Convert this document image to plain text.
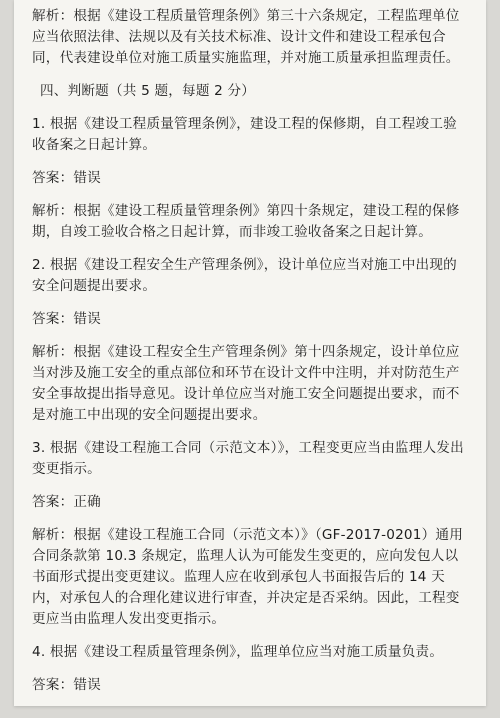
解析：根据《建设工程质量管理条例》第三十六条规定，工程监理单位应当依照法律、法规以及有关技术标准、设计文件和建设工程承包合同，代表建设单位对施工质量实施监理，并对施工质量承担监理责任。

四、判断题（共 5 题，每题 2 分）

1. 根据《建设工程质量管理条例》，建设工程的保修期，自工程竣工验收备案之日起计算。

答案：错误

解析：根据《建设工程质量管理条例》第四十条规定，建设工程的保修期，自竣工验收合格之日起计算，而非竣工验收备案之日起计算。

2. 根据《建设工程安全生产管理条例》，设计单位应当对施工中出现的安全问题提出要求。

答案：错误

解析：根据《建设工程安全生产管理条例》第十四条规定，设计单位应当对涉及施工安全的重点部位和环节在设计文件中注明，并对防范生产安全事故提出指导意见。设计单位应当对施工安全问题提出要求，而不是对施工中出现的安全问题提出要求。

3. 根据《建设工程施工合同（示范文本）》，工程变更应当由监理人发出变更指示。

答案：正确

解析：根据《建设工程施工合同（示范文本）》（GF-2017-0201）通用合同条款第 10.3 条规定，监理人认为可能发生变更的，应向发包人以书面形式提出变更建议。监理人应在收到承包人书面报告后的 14 天内，对承包人的合理化建议进行审查，并决定是否采纳。因此，工程变更应当由监理人发出变更指示。

4. 根据《建设工程质量管理条例》，监理单位应当对施工质量负责。

答案：错误
